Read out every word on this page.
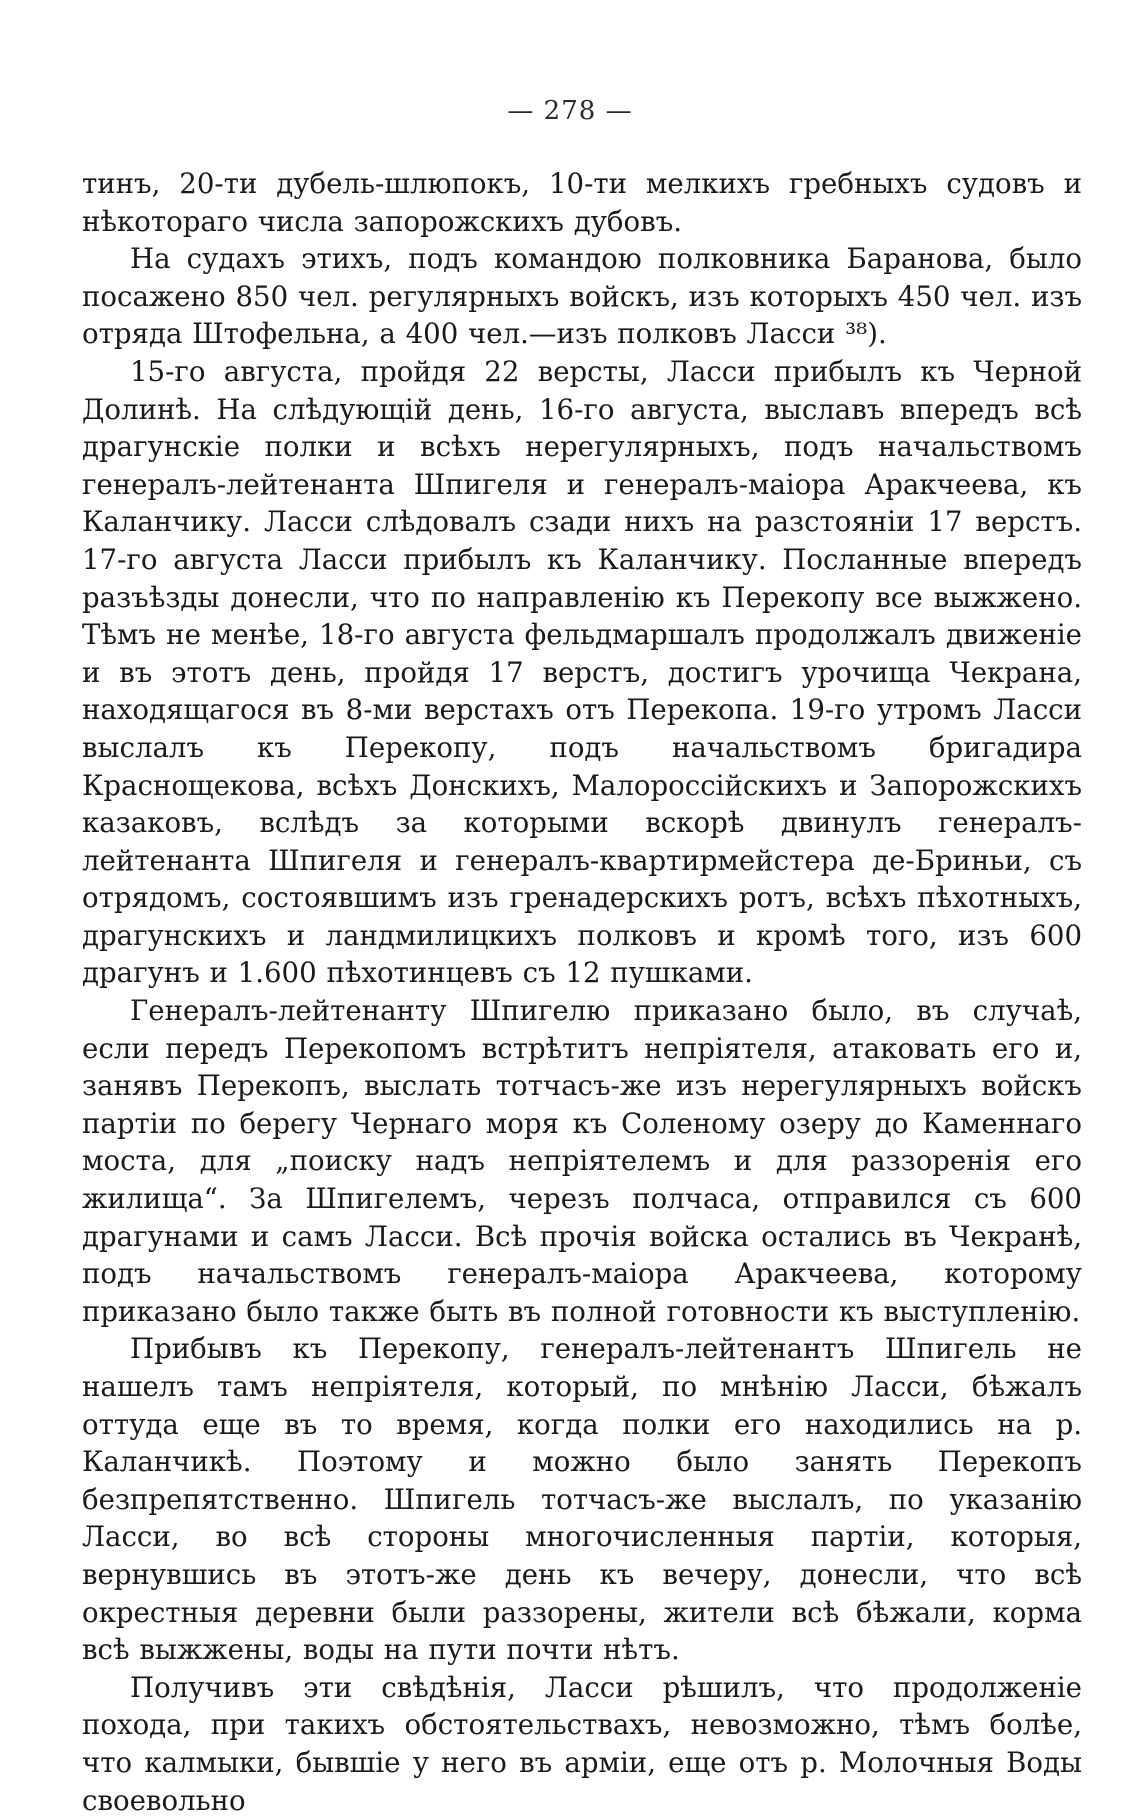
— 278 —

тинъ, 20-ти дубель-шлюпокъ, 10-ти мелкихъ гребныхъ судовъ и нѣкотораго числа запорожскихъ дубовъ.

На судахъ этихъ, подъ командою полковника Баранова, было посажено 850 чел. регулярныхъ войскъ, изъ которыхъ 450 чел. изъ отряда Штофельна, а 400 чел.—изъ полковъ Ласси ³⁸).

15-го августа, пройдя 22 версты, Ласси прибылъ къ Черной Долинѣ. На слѣдующій день, 16-го августа, выславъ впередъ всѣ драгунскіе полки и всѣхъ нерегулярныхъ, подъ начальствомъ генералъ-лейтенанта Шпигеля и генералъ-маіора Аракчеева, къ Каланчику. Ласси слѣдовалъ сзади нихъ на разстояніи 17 верстъ. 17-го августа Ласси прибылъ къ Каланчику. Посланные впередъ разъѣзды донесли, что по направленію къ Перекопу все выжжено. Тѣмъ не менѣе, 18-го августа фельдмаршалъ продолжалъ движеніе и въ этотъ день, пройдя 17 верстъ, достигъ урочища Чекрана, находящагося въ 8-ми верстахъ отъ Перекопа. 19-го утромъ Ласси выслалъ къ Перекопу, подъ начальствомъ бригадира Краснощекова, всѣхъ Донскихъ, Малороссійскихъ и Запорожскихъ казаковъ, вслѣдъ за которыми вскорѣ двинулъ генералъ-лейтенанта Шпигеля и генералъ-квартирмейстера де-Бриньи, съ отрядомъ, состоявшимъ изъ гренадерскихъ ротъ, всѣхъ пѣхотныхъ, драгунскихъ и ландмилицкихъ полковъ и кромѣ того, изъ 600 драгунъ и 1.600 пѣхотинцевъ съ 12 пушками.

Генералъ-лейтенанту Шпигелю приказано было, въ случаѣ, если передъ Перекопомъ встрѣтитъ непріятеля, атаковать его и, занявъ Перекопъ, выслать тотчасъ-же изъ нерегулярныхъ войскъ партіи по берегу Чернаго моря къ Соленому озеру до Каменнаго моста, для „поиску надъ непріятелемъ и для раззоренія его жилища“. За Шпигелемъ, черезъ полчаса, отправился съ 600 драгунами и самъ Ласси. Всѣ прочія войска остались въ Чекранѣ, подъ начальствомъ генералъ-маіора Аракчеева, которому приказано было также быть въ полной готовности къ выступленію.

Прибывъ къ Перекопу, генералъ-лейтенантъ Шпигель не нашелъ тамъ непріятеля, который, по мнѣнію Ласси, бѣжалъ оттуда еще въ то время, когда полки его находились на р. Каланчикѣ. Поэтому и можно было занять Перекопъ безпрепятственно. Шпигель тотчасъ-же выслалъ, по указанію Ласси, во всѣ стороны многочисленныя партіи, которыя, вернувшись въ этотъ-же день къ вечеру, донесли, что всѣ окрестныя деревни были раззорены, жители всѣ бѣжали, корма всѣ выжжены, воды на пути почти нѣтъ.

Получивъ эти свѣдѣнія, Ласси рѣшилъ, что продолженіе похода, при такихъ обстоятельствахъ, невозможно, тѣмъ болѣе, что калмыки, бывшіе у него въ арміи, еще отъ р. Молочныя Воды своевольно
